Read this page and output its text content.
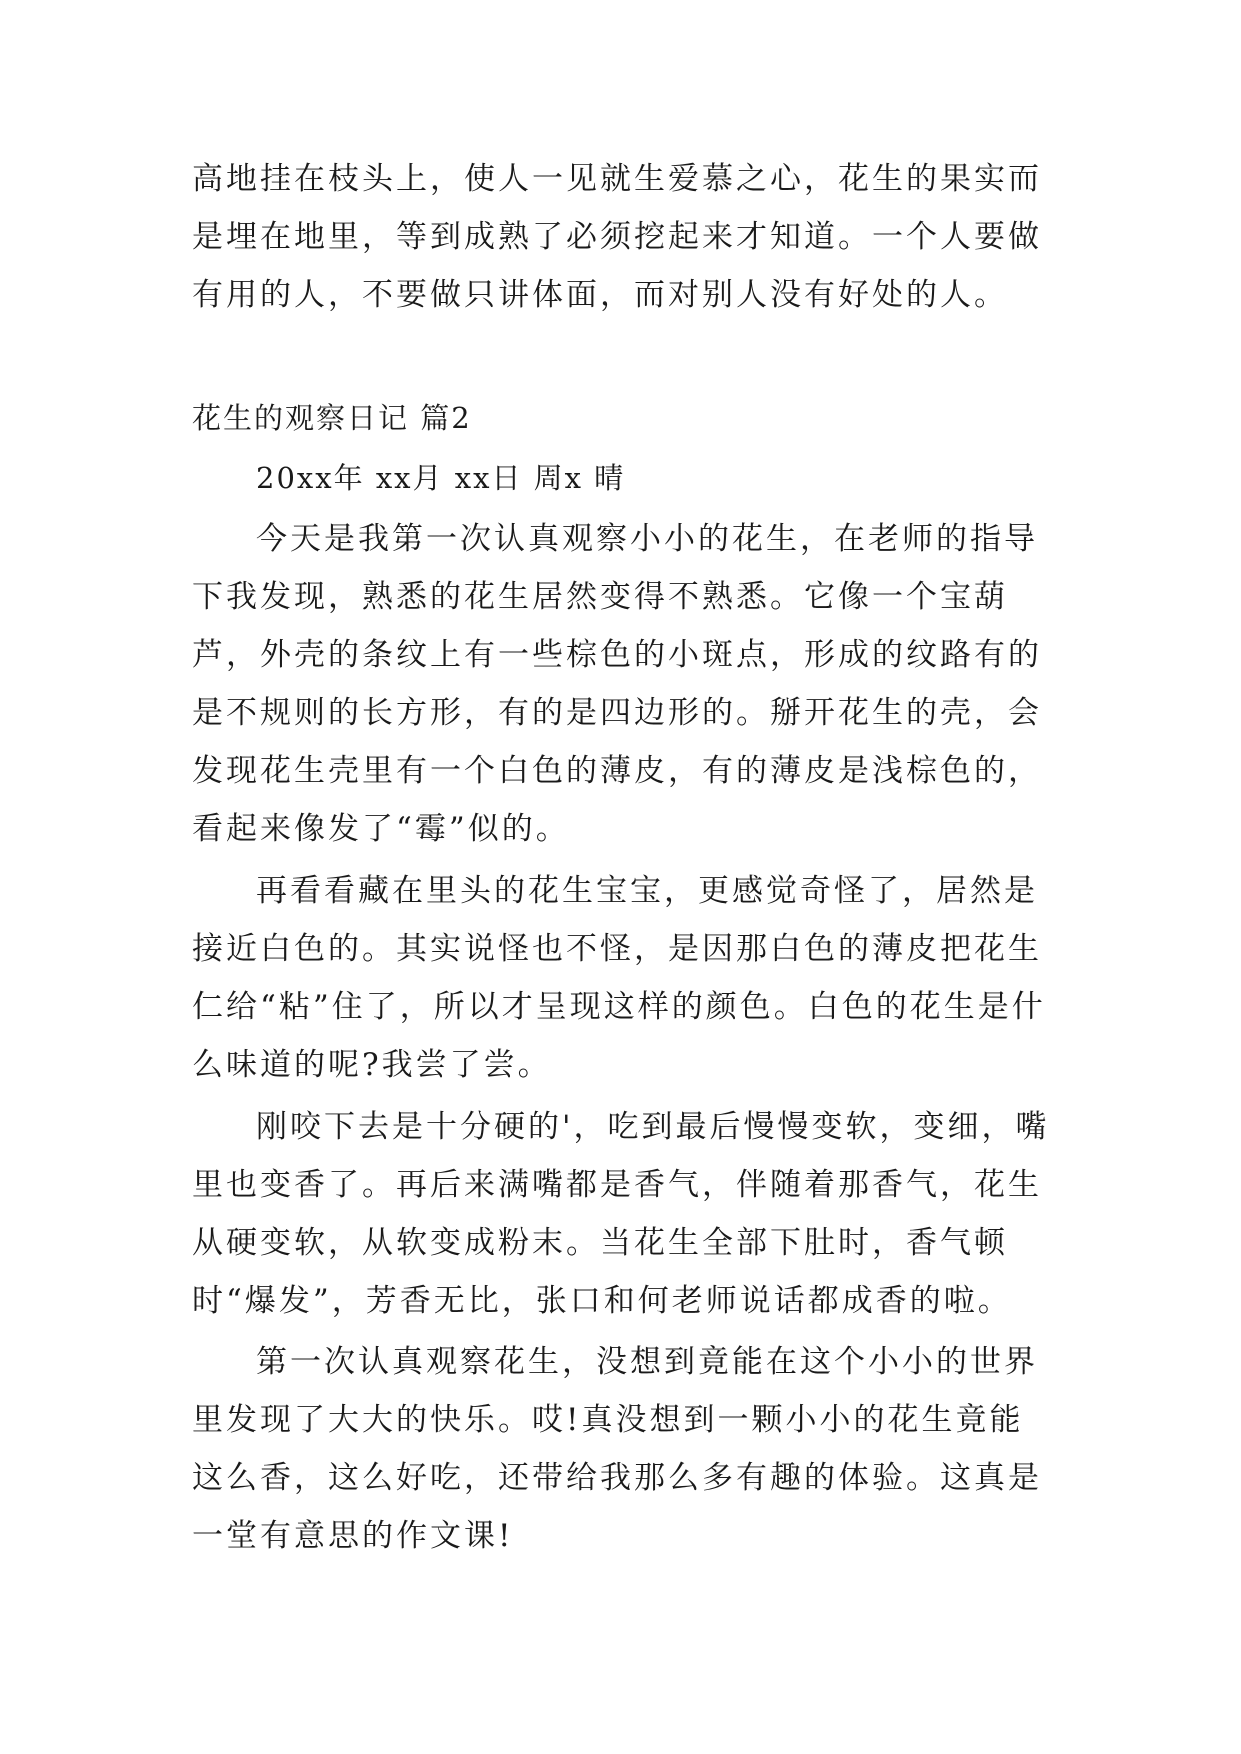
高地挂在枝头上，使人一见就生爱慕之心，花生的果实而是埋在地里，等到成熟了必须挖起来才知道。一个人要做有用的人，不要做只讲体面，而对别人没有好处的人。

花生的观察日记 篇2

20xx年 xx月 xx日 周x 晴

今天是我第一次认真观察小小的花生，在老师的指导下我发现，熟悉的花生居然变得不熟悉。它像一个宝葫芦，外壳的条纹上有一些棕色的小斑点，形成的纹路有的是不规则的长方形，有的是四边形的。掰开花生的壳，会发现花生壳里有一个白色的薄皮，有的薄皮是浅棕色的，看起来像发了“霉”似的。

再看看藏在里头的花生宝宝，更感觉奇怪了，居然是接近白色的。其实说怪也不怪，是因那白色的薄皮把花生仁给“粘”住了，所以才呈现这样的颜色。白色的花生是什么味道的呢?我尝了尝。

刚咬下去是十分硬的'，吃到最后慢慢变软，变细，嘴里也变香了。再后来满嘴都是香气，伴随着那香气，花生从硬变软，从软变成粉末。当花生全部下肚时，香气顿时“爆发”，芳香无比，张口和何老师说话都成香的啦。

第一次认真观察花生，没想到竟能在这个小小的世界里发现了大大的快乐。哎!真没想到一颗小小的花生竟能这么香，这么好吃，还带给我那么多有趣的体验。这真是一堂有意思的作文课!
